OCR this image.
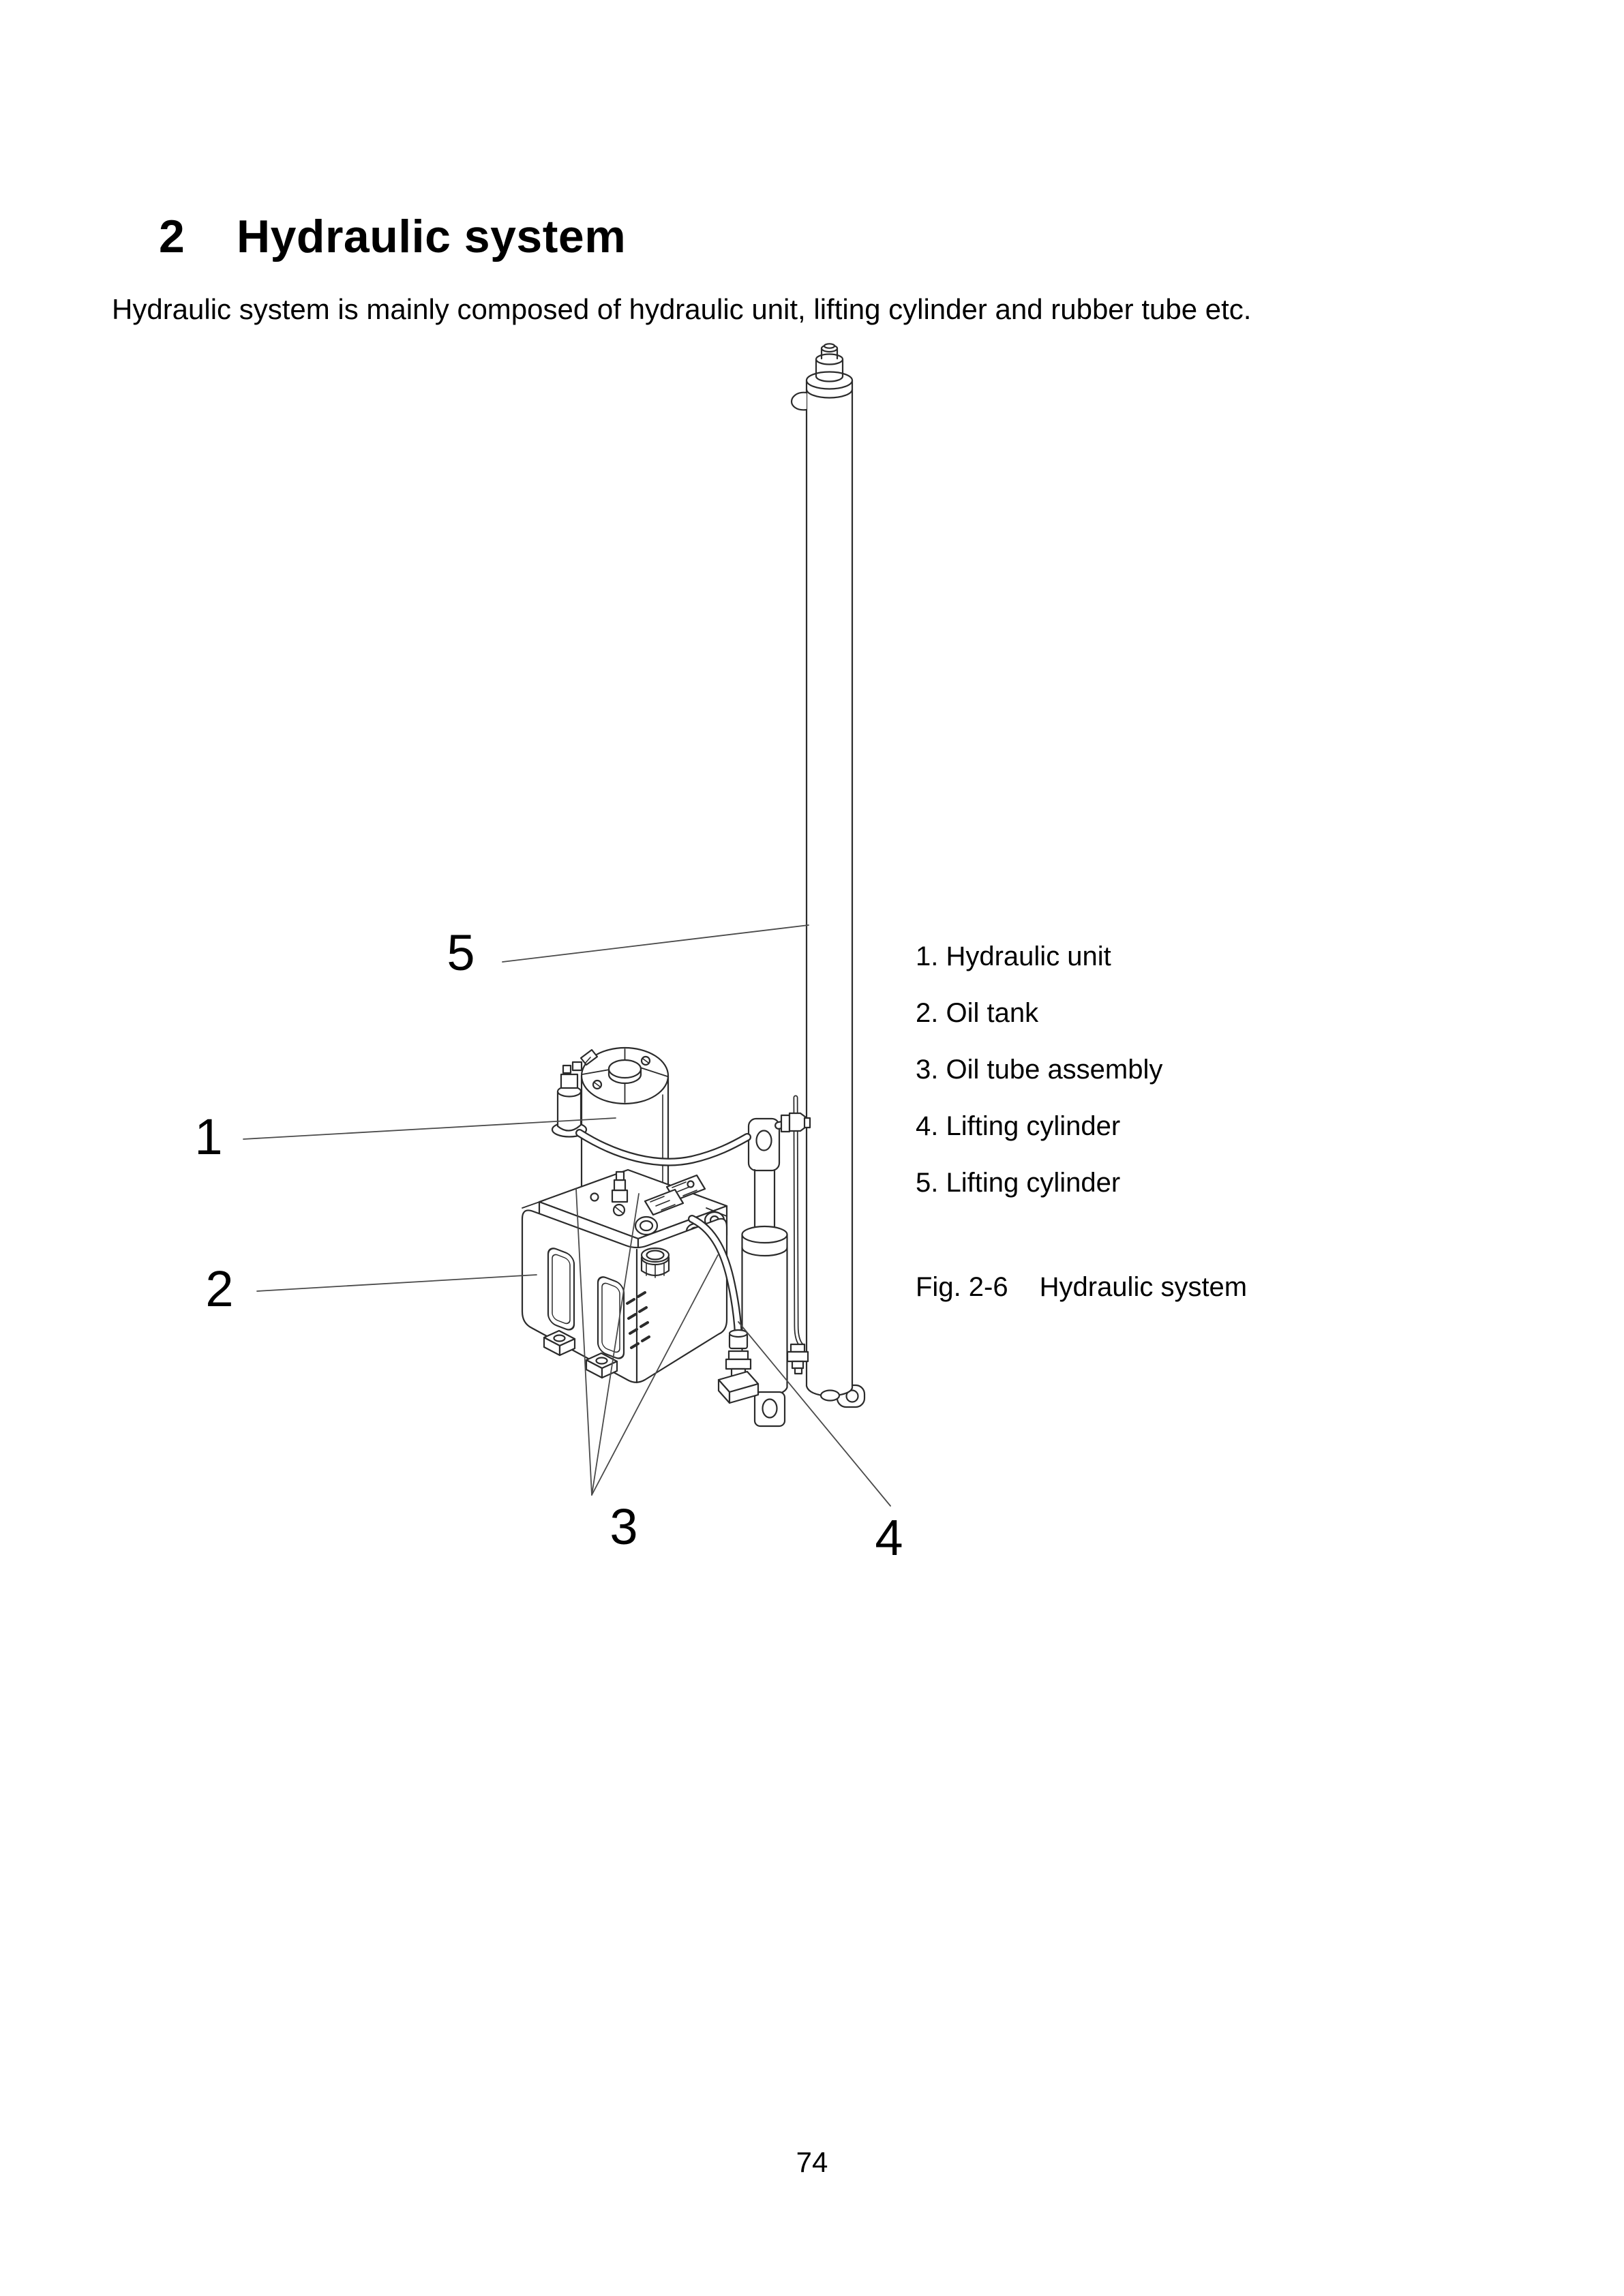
2 Hydraulic system
Hydraulic system is mainly composed of hydraulic unit, lifting cylinder and rubber tube etc.
1
2
3	4
5	1. Hydraulic unit
2. Oil tank
3. Oil tube assembly
4. Lifting cylinder
5. Lifting cylinder
Fig. 2-6 Hydraulic system
74
